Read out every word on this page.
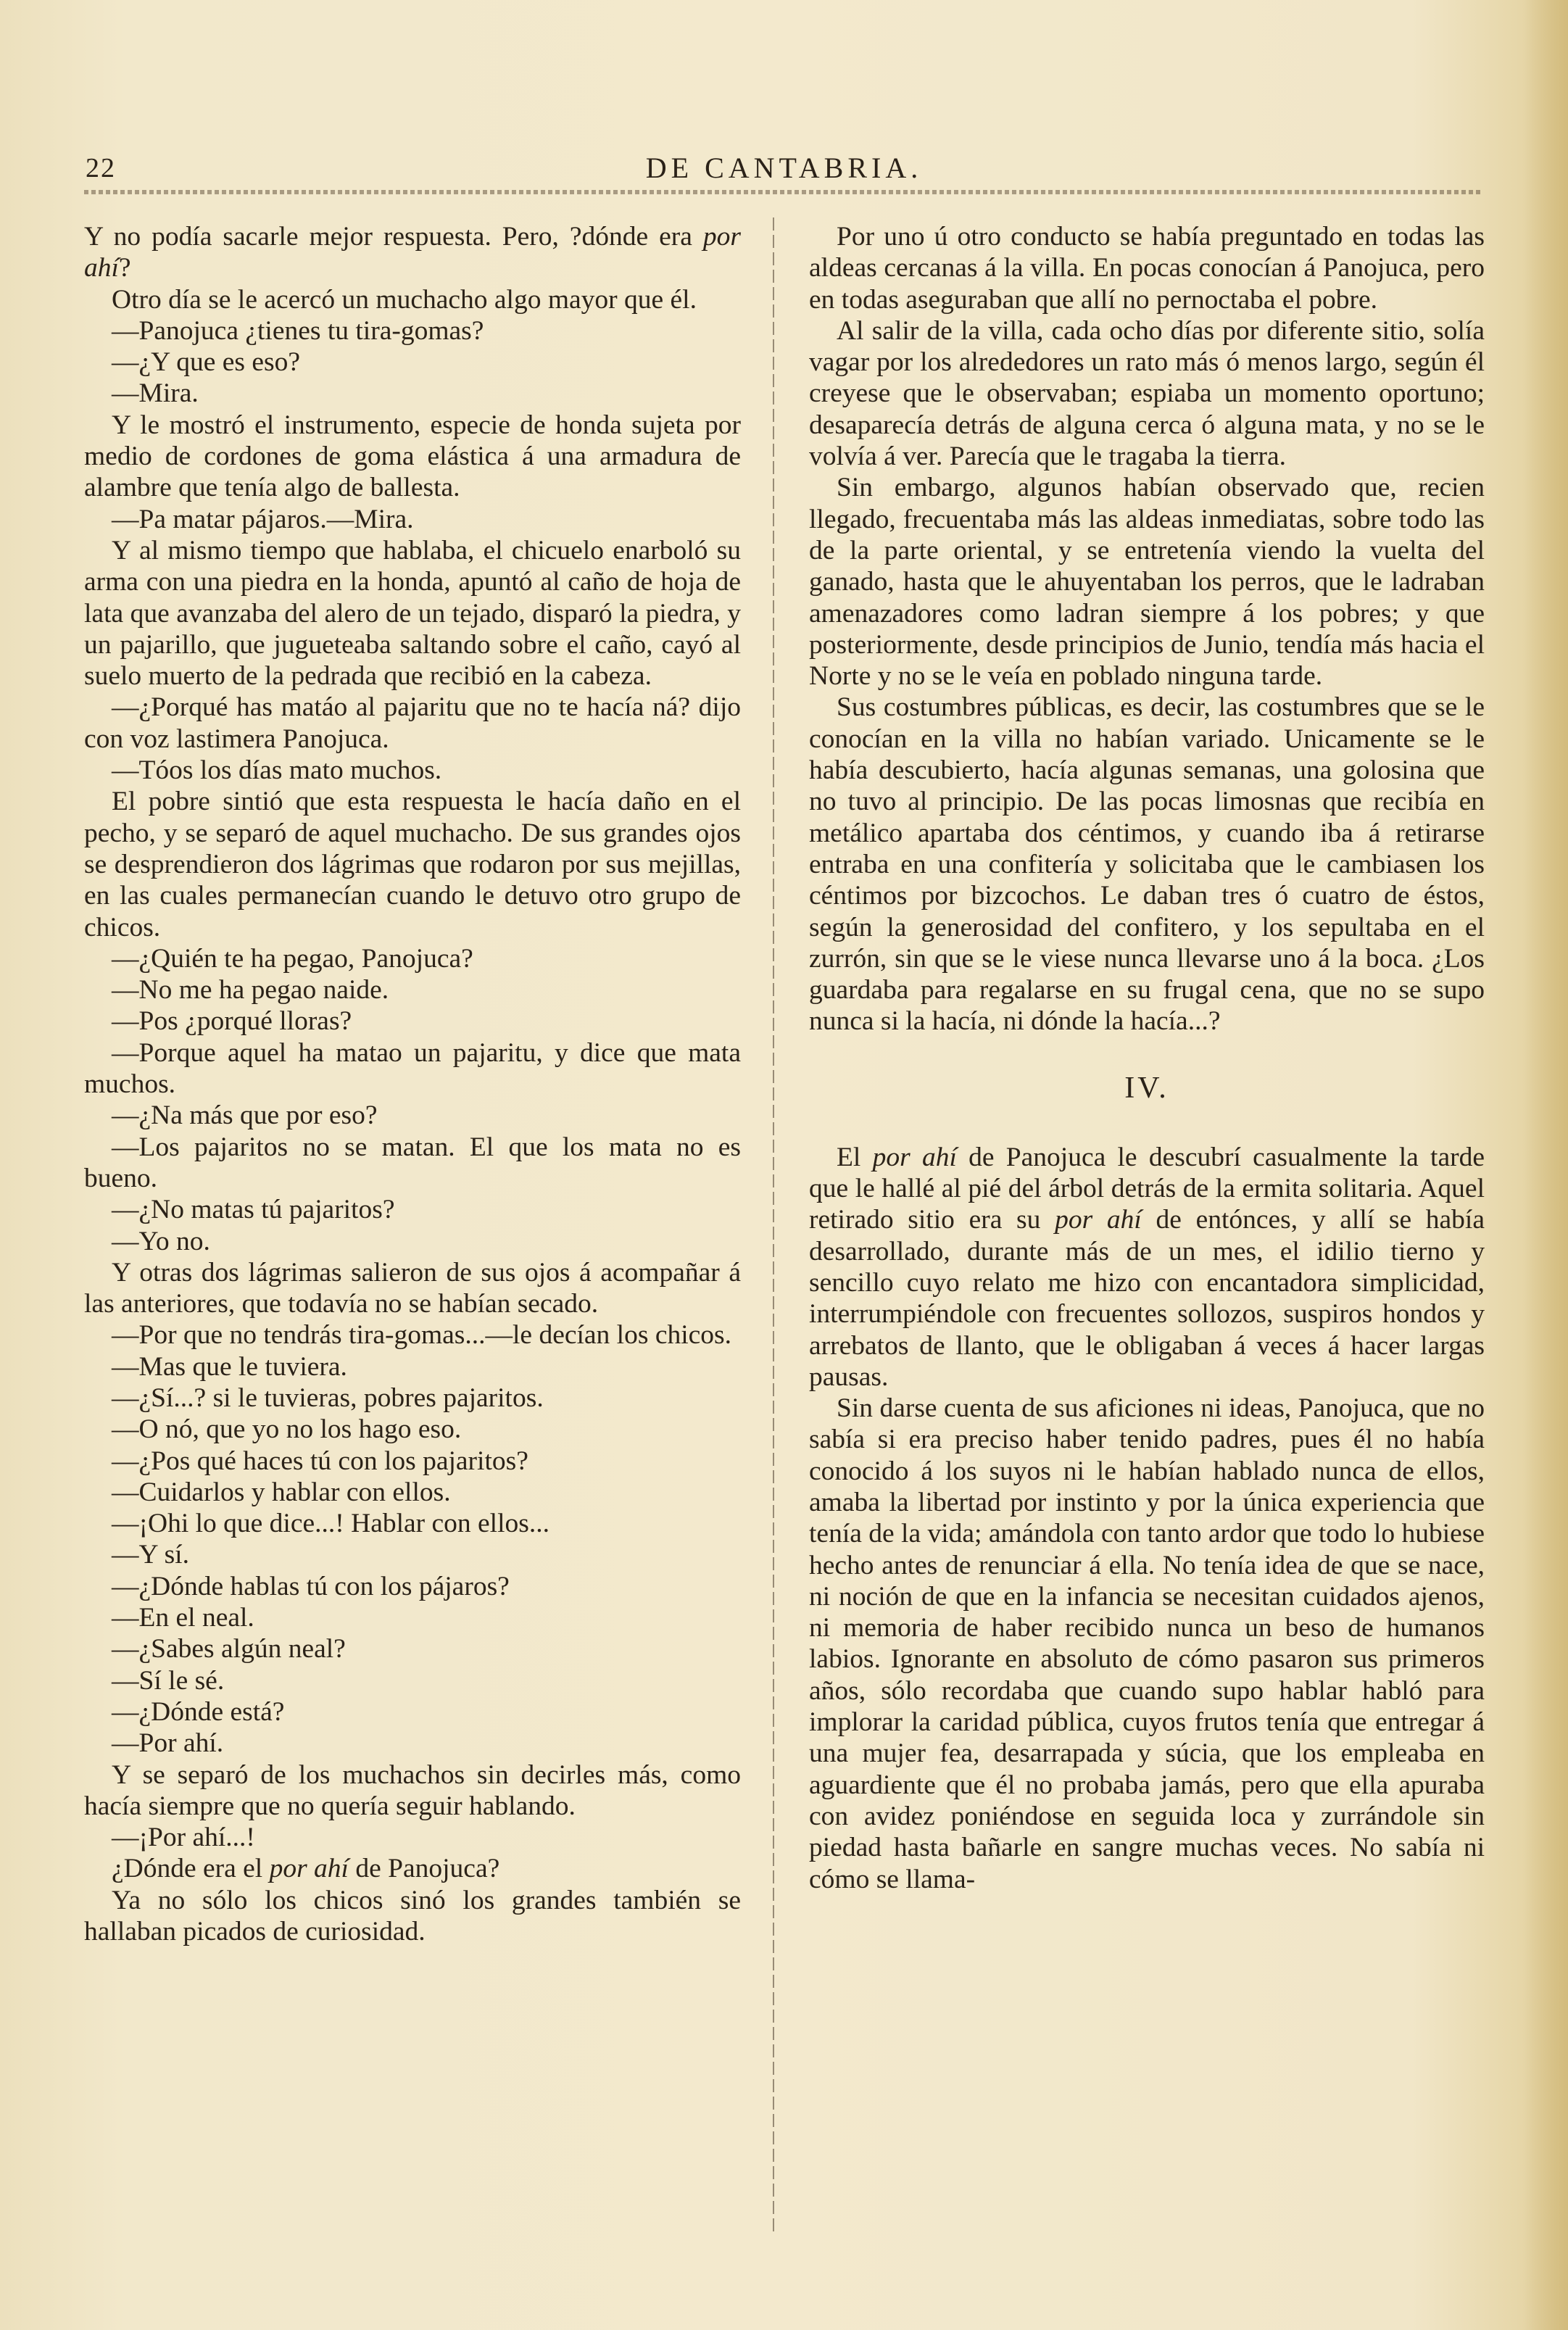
22	DE CANTABRIA.

Y no podía sacarle mejor respuesta. Pero, ?dónde era por ahí?

Otro día se le acercó un muchacho algo mayor que él.

—Panojuca ¿tienes tu tira-gomas?

—¿Y que es eso?

—Mira.

Y le mostró el instrumento, especie de honda sujeta por medio de cordones de goma elástica á una armadura de alambre que tenía algo de ballesta.

—Pa matar pájaros.—Mira.

Y al mismo tiempo que hablaba, el chicuelo enarboló su arma con una piedra en la honda, apuntó al caño de hoja de lata que avanzaba del alero de un tejado, disparó la piedra, y un pajarillo, que jugueteaba saltando sobre el caño, cayó al suelo muerto de la pedrada que recibió en la cabeza.

—¿Porqué has matáo al pajaritu que no te hacía ná? dijo con voz lastimera Panojuca.

—Tóos los días mato muchos.

El pobre sintió que esta respuesta le hacía daño en el pecho, y se separó de aquel muchacho. De sus grandes ojos se desprendieron dos lágrimas que rodaron por sus mejillas, en las cuales permanecían cuando le detuvo otro grupo de chicos.

—¿Quién te ha pegao, Panojuca?

—No me ha pegao naide.

—Pos ¿porqué lloras?

—Porque aquel ha matao un pajaritu, y dice que mata muchos.

—¿Na más que por eso?

—Los pajaritos no se matan. El que los mata no es bueno.

—¿No matas tú pajaritos?

—Yo no.

Y otras dos lágrimas salieron de sus ojos á acompañar á las anteriores, que todavía no se habían secado.

—Por que no tendrás tira-gomas...—le decían los chicos.

—Mas que le tuviera.

—¿Sí...? si le tuvieras, pobres pajaritos.

—O nó, que yo no los hago eso.

—¿Pos qué haces tú con los pajaritos?

—Cuidarlos y hablar con ellos.

—¡Ohi lo que dice...! Hablar con ellos...

—Y sí.

—¿Dónde hablas tú con los pájaros?

—En el neal.

—¿Sabes algún neal?

—Sí le sé.

—¿Dónde está?

—Por ahí.

Y se separó de los muchachos sin decirles más, como hacía siempre que no quería seguir hablando.

—¡Por ahí...!

¿Dónde era el por ahí de Panojuca?

Ya no sólo los chicos sinó los grandes también se hallaban picados de curiosidad.

Por uno ú otro conducto se había preguntado en todas las aldeas cercanas á la villa. En pocas conocían á Panojuca, pero en todas aseguraban que allí no pernoctaba el pobre.

Al salir de la villa, cada ocho días por diferente sitio, solía vagar por los alrededores un rato más ó menos largo, según él creyese que le observaban; espiaba un momento oportuno; desaparecía detrás de alguna cerca ó alguna mata, y no se le volvía á ver. Parecía que le tragaba la tierra.

Sin embargo, algunos habían observado que, recien llegado, frecuentaba más las aldeas inmediatas, sobre todo las de la parte oriental, y se entretenía viendo la vuelta del ganado, hasta que le ahuyentaban los perros, que le ladraban amenazadores como ladran siempre á los pobres; y que posteriormente, desde principios de Junio, tendía más hacia el Norte y no se le veía en poblado ninguna tarde.

Sus costumbres públicas, es decir, las costumbres que se le conocían en la villa no habían variado. Unicamente se le había descubierto, hacía algunas semanas, una golosina que no tuvo al principio. De las pocas limosnas que recibía en metálico apartaba dos céntimos, y cuando iba á retirarse entraba en una confitería y solicitaba que le cambiasen los céntimos por bizcochos. Le daban tres ó cuatro de éstos, según la generosidad del confitero, y los sepultaba en el zurrón, sin que se le viese nunca llevarse uno á la boca. ¿Los guardaba para regalarse en su frugal cena, que no se supo nunca si la hacía, ni dónde la hacía...?

IV.

El por ahí de Panojuca le descubrí casualmente la tarde que le hallé al pié del árbol detrás de la ermita solitaria. Aquel retirado sitio era su por ahí de entónces, y allí se había desarrollado, durante más de un mes, el idilio tierno y sencillo cuyo relato me hizo con encantadora simplicidad, interrumpiéndole con frecuentes sollozos, suspiros hondos y arrebatos de llanto, que le obligaban á veces á hacer largas pausas.

Sin darse cuenta de sus aficiones ni ideas, Panojuca, que no sabía si era preciso haber tenido padres, pues él no había conocido á los suyos ni le habían hablado nunca de ellos, amaba la libertad por instinto y por la única experiencia que tenía de la vida; amándola con tanto ardor que todo lo hubiese hecho antes de renunciar á ella. No tenía idea de que se nace, ni noción de que en la infancia se necesitan cuidados ajenos, ni memoria de haber recibido nunca un beso de humanos labios. Ignorante en absoluto de cómo pasaron sus primeros años, sólo recordaba que cuando supo hablar habló para implorar la caridad pública, cuyos frutos tenía que entregar á una mujer fea, desarrapada y súcia, que los empleaba en aguardiente que él no probaba jamás, pero que ella apuraba con avidez poniéndose en seguida loca y zurrándole sin piedad hasta bañarle en sangre muchas veces. No sabía ni cómo se llama-
